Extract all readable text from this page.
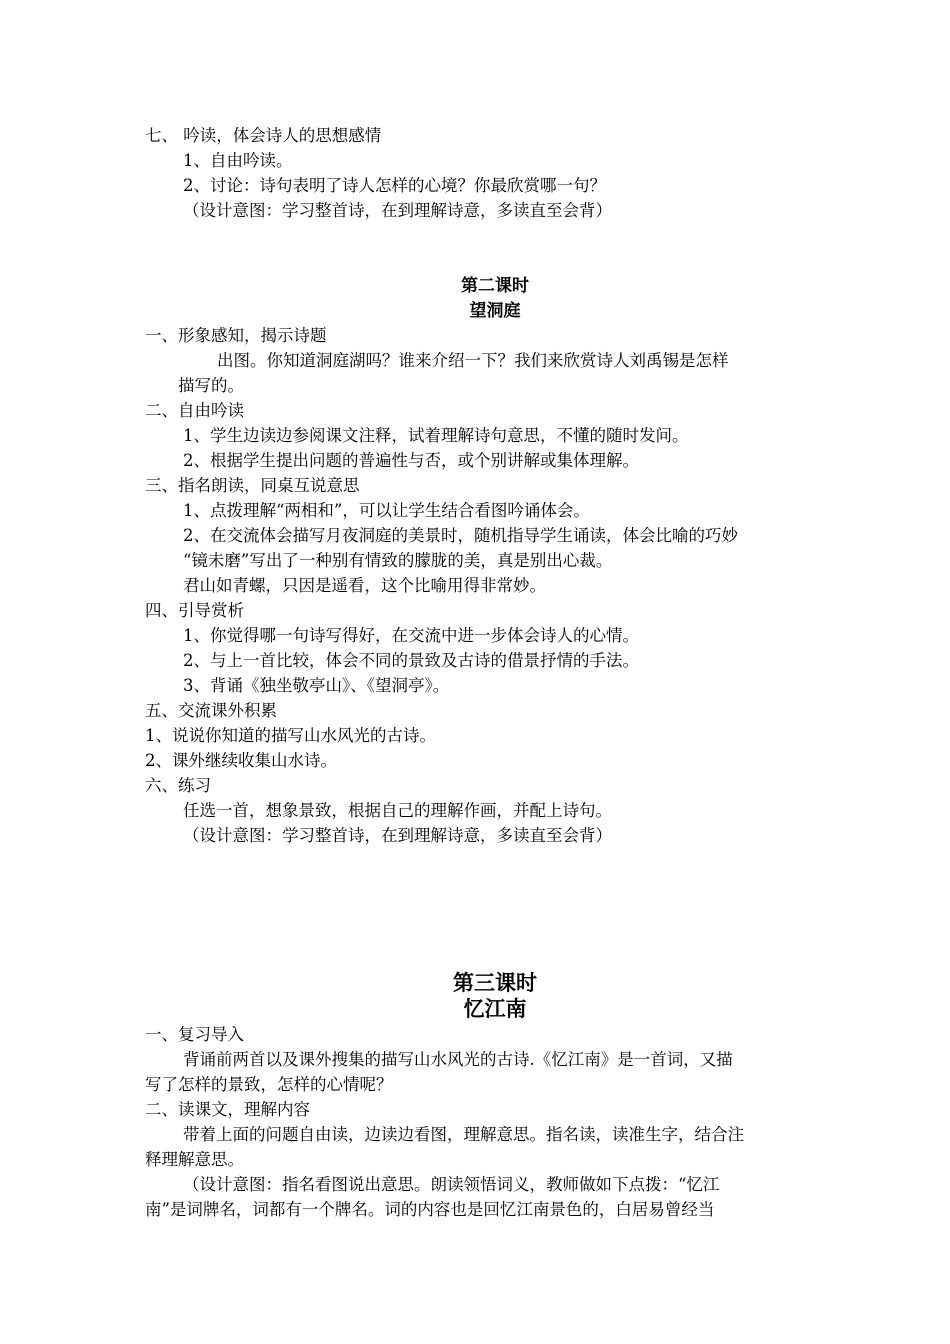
七、 吟读，体会诗人的思想感情
1、自由吟读。
2、讨论：诗句表明了诗人怎样的心境？你最欣赏哪一句？
（设计意图：学习整首诗，在到理解诗意，多读直至会背）
第二课时
望洞庭
一、形象感知，揭示诗题
出图。你知道洞庭湖吗？谁来介绍一下？我们来欣赏诗人刘禹锡是怎样
描写的。
二、自由吟读
1、学生边读边参阅课文注释，试着理解诗句意思，不懂的随时发问。
2、根据学生提出问题的普遍性与否，或个别讲解或集体理解。
三、指名朗读，同桌互说意思
1、点拨理解“两相和”，可以让学生结合看图吟诵体会。
2、在交流体会描写月夜洞庭的美景时，随机指导学生诵读，体会比喻的巧妙
“镜未磨”写出了一种别有情致的朦胧的美，真是别出心裁。
君山如青螺，只因是遥看，这个比喻用得非常妙。
四、引导赏析
1、你觉得哪一句诗写得好，在交流中进一步体会诗人的心情。
2、与上一首比较，体会不同的景致及古诗的借景抒情的手法。
3、背诵《独坐敬亭山》、《望洞亭》。
五、交流课外积累
1、说说你知道的描写山水风光的古诗。
2、课外继续收集山水诗。
六、练习
任选一首，想象景致，根据自己的理解作画，并配上诗句。
（设计意图：学习整首诗，在到理解诗意，多读直至会背）
第三课时
忆江南
一、复习导入
背诵前两首以及课外搜集的描写山水风光的古诗.《忆江南》是一首词，又描
写了怎样的景致，怎样的心情呢？
二、读课文，理解内容
带着上面的问题自由读，边读边看图，理解意思。指名读，读准生字，结合注
释理解意思。
（设计意图：指名看图说出意思。朗读领悟词义，教师做如下点拨：“忆江
南”是词牌名，词都有一个牌名。词的内容也是回忆江南景色的，白居易曾经当
